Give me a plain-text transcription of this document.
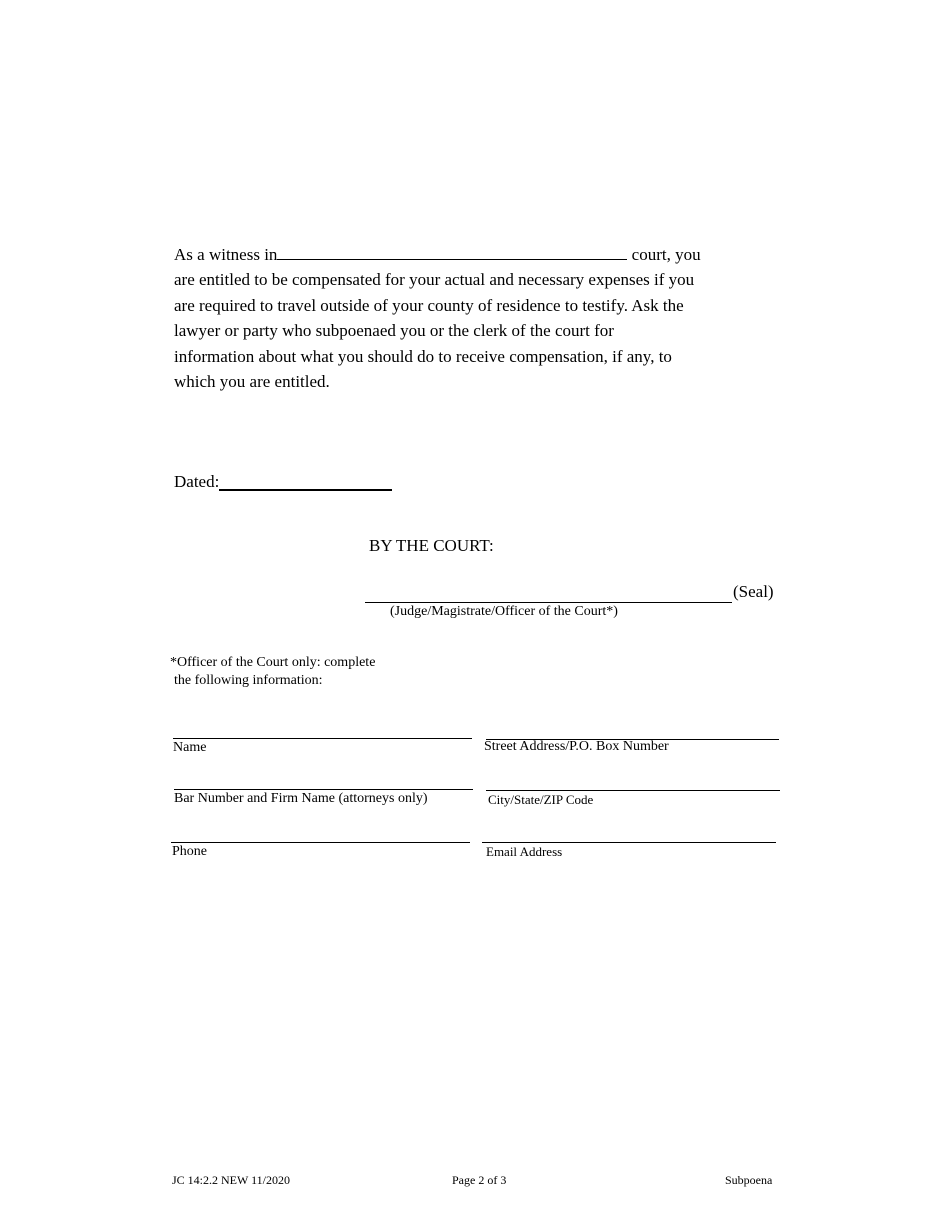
As a witness in	court, you
are entitled to be compensated for your actual and necessary expenses if you
are required to travel outside of your county of residence to testify. Ask the
lawyer or party who subpoenaed you or the clerk of the court for
information about what you should do to receive compensation, if any, to
which you are entitled.
Dated:
BY THE COURT:
(Seal)
(Judge/Magistrate/Officer of the Court*)
*Officer of the Court only: complete
the following information:
Name	Street Address/P.O. Box Number
Bar Number and Firm Name (attorneys only)	City/State/ZIP Code
Phone	Email Address
JC 14:2.2 NEW 11/2020	Page 2 of 3	Subpoena
